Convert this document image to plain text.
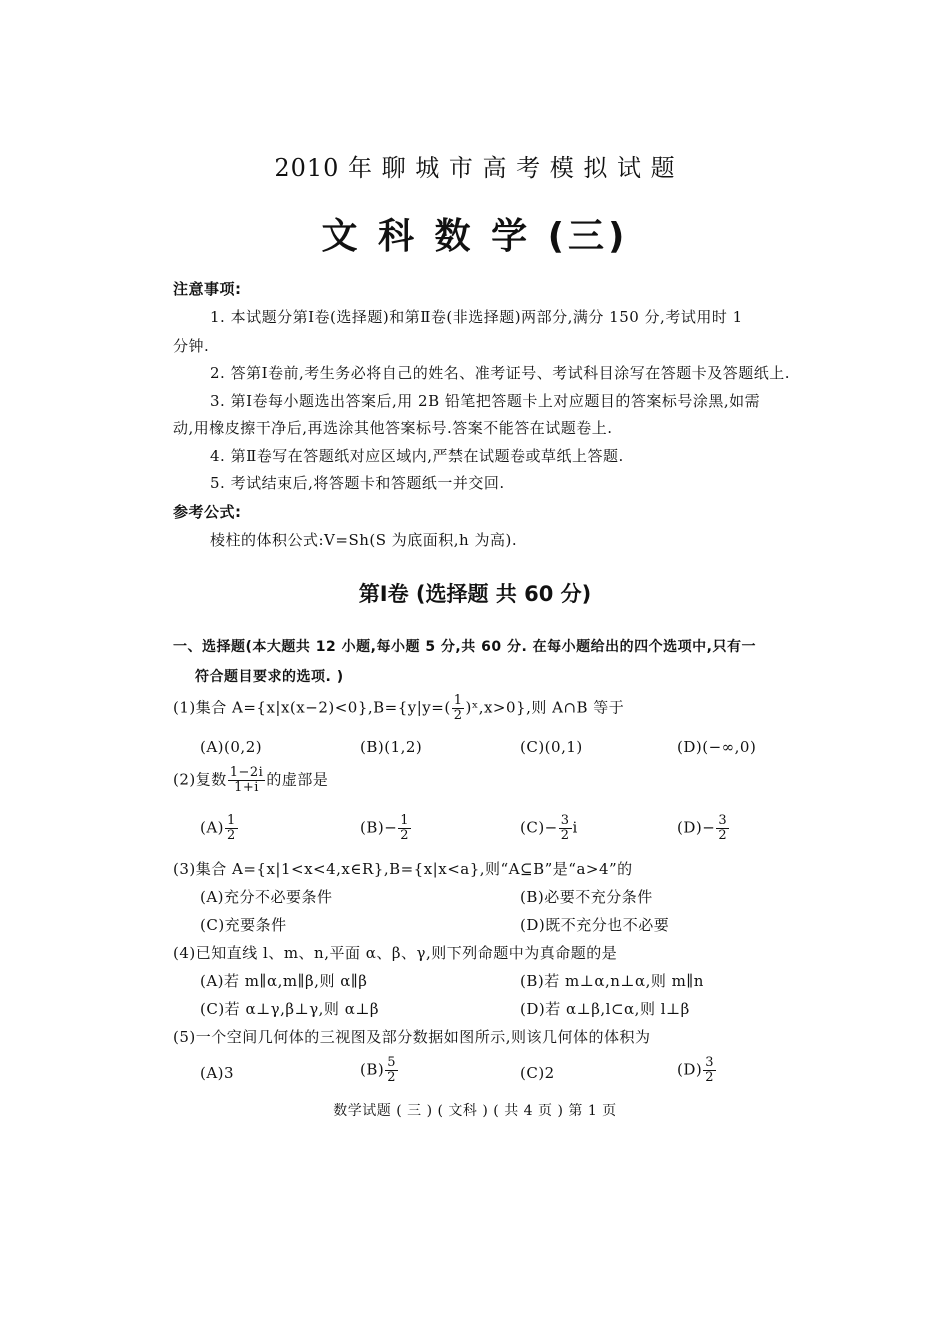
2010 年 聊 城 市 高 考 模 拟 试 题
文 科 数 学 (三)
注意事项:
1. 本试题分第Ⅰ卷(选择题)和第Ⅱ卷(非选择题)两部分,满分 150 分,考试用时 1
分钟.
2. 答第Ⅰ卷前,考生务必将自己的姓名、准考证号、考试科目涂写在答题卡及答题纸上.
3. 第Ⅰ卷每小题选出答案后,用 2B 铅笔把答题卡上对应题目的答案标号涂黑,如需
动,用橡皮擦干净后,再选涂其他答案标号.答案不能答在试题卷上.
4. 第Ⅱ卷写在答题纸对应区域内,严禁在试题卷或草纸上答题.
5. 考试结束后,将答题卡和答题纸一并交回.
参考公式:
棱柱的体积公式:V=Sh(S 为底面积,h 为高).
第Ⅰ卷 (选择题 共 60 分)
一、选择题(本大题共 12 小题,每小题 5 分,共 60 分. 在每小题给出的四个选项中,只有一
符合题目要求的选项. )
(1)集合 $A=\{x|x(x-2)<0\},B=\{y|y=( \frac{1}{2}$ )ˣ,x>0},则 A∩B 等于
(A)(0,2)	(B)(1,2)	(C)(0,1)	(D)(−∞,0)
(2)复数 $\frac{1-2i}{1+i}$ 的虚部是
$(A) \frac{1}{2}$	$(B)- \frac{1}{2}$	$(C)- \frac{3}{2}$ i	$(D)- \frac{3}{2}$
(3)集合 A={x|1<x<4,x∈R},B={x|x<a},则“A⊆B”是“a>4”的
(A)充分不必要条件	(B)必要不充分条件
(C)充要条件	(D)既不充分也不必要
(4)已知直线 l、m、n,平面 α、β、γ,则下列命题中为真命题的是
(A)若 m∥α,m∥β,则 α∥β	(B)若 m⊥α,n⊥α,则 m∥n
(C)若 α⊥γ,β⊥γ,则 α⊥β	(D)若 α⊥β,l⊂α,则 l⊥β
(5)一个空间几何体的三视图及部分数据如图所示,则该几何体的体积为
(A)3	$(B) \frac{5}{2}$	(C)2	$(D) \frac{3}{2}$
数学试题 ( 三 ) ( 文科 ) ( 共 4 页 ) 第 1 页
